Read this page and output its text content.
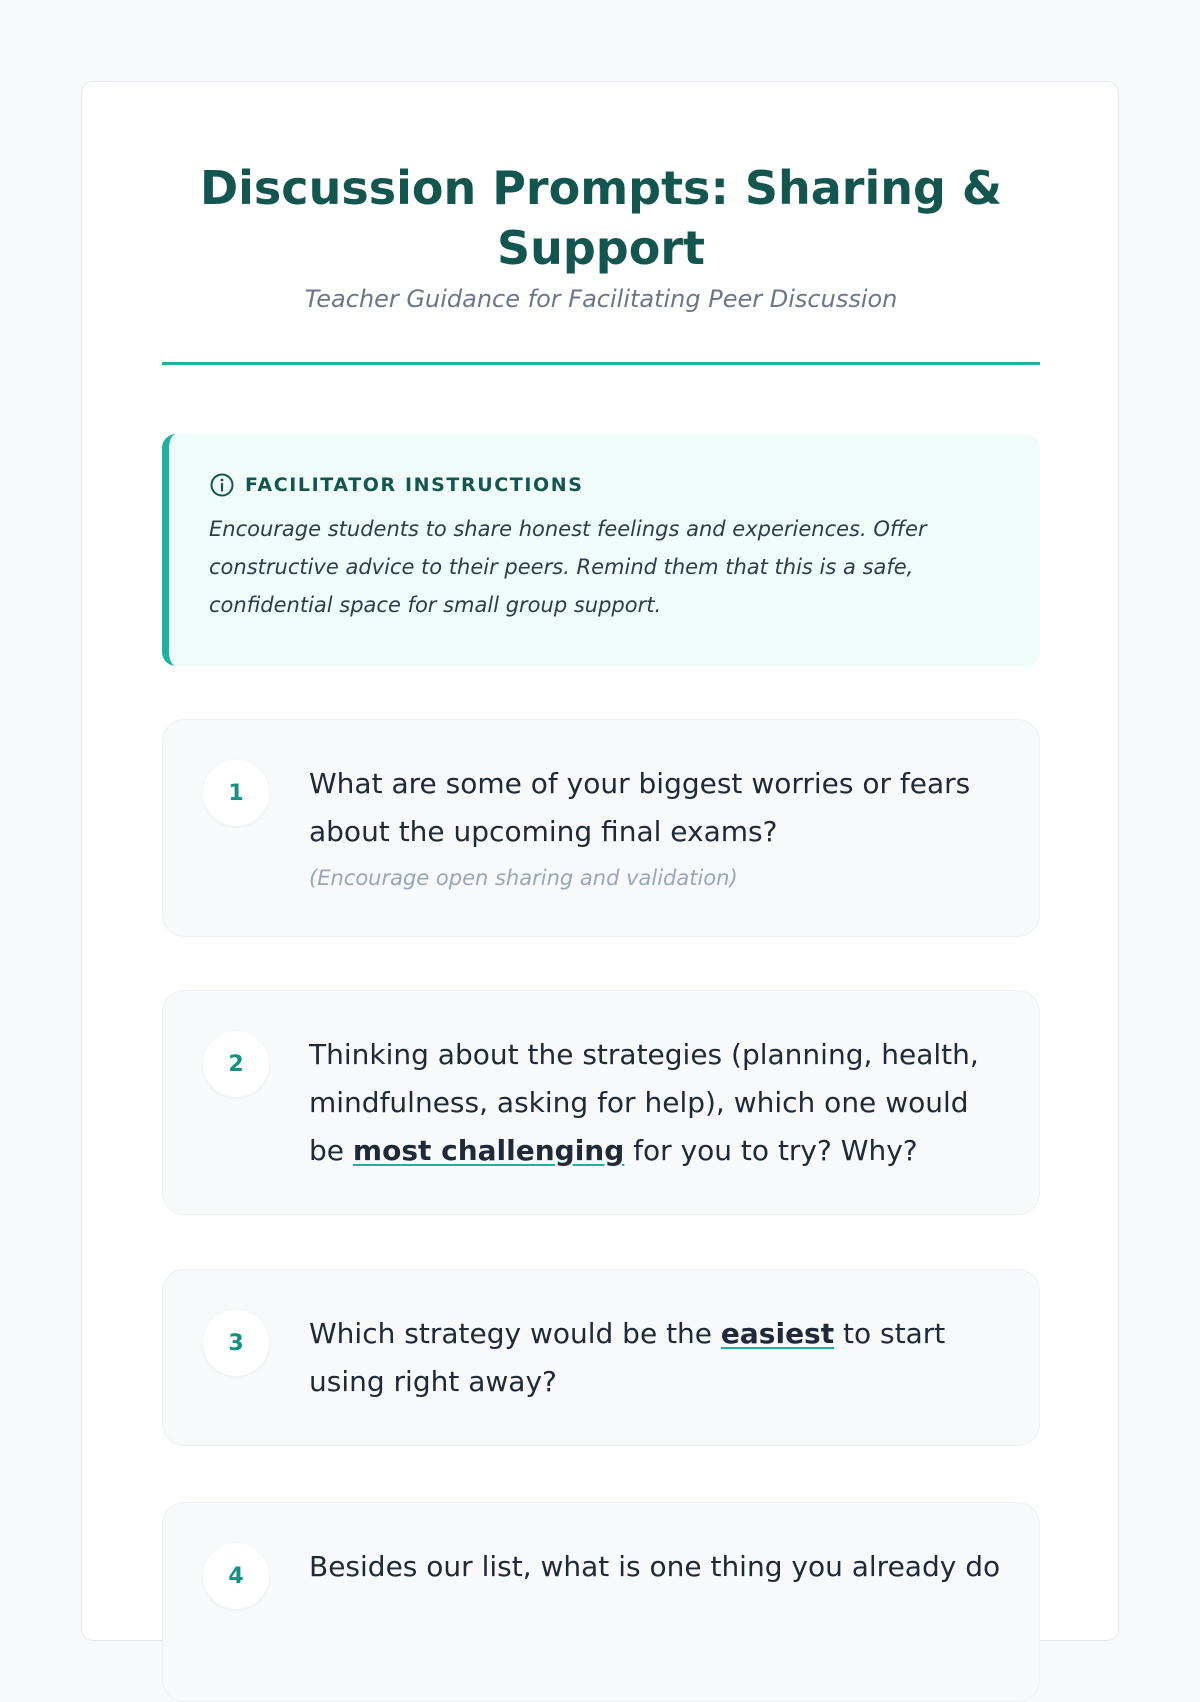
Discussion Prompts: Sharing & Support
Teacher Guidance for Facilitating Peer Discussion
FACILITATOR INSTRUCTIONS
Encourage students to share honest feelings and experiences. Offer constructive advice to their peers. Remind them that this is a safe, confidential space for small group support.
1	What are some of your biggest worries or fears about the upcoming final exams?
(Encourage open sharing and validation)
2	Thinking about the strategies (planning, health, mindfulness, asking for help), which one would be most challenging for you to try? Why?
3	Which strategy would be the easiest to start using right away?
4	Besides our list, what is one thing you already do
